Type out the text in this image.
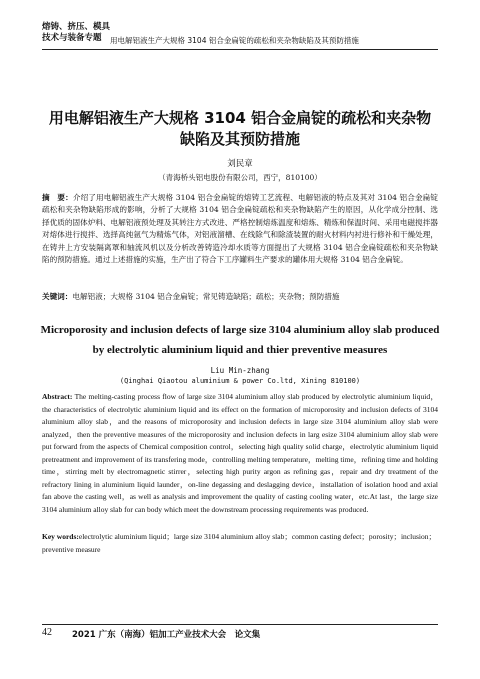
熔铸、挤压、模具
技术与装备专题	用电解铝液生产大规格 3104 铝合金扁锭的疏松和夹杂物缺陷及其预防措施
用电解铝液生产大规格 3104 铝合金扁锭的疏松和夹杂物
缺陷及其预防措施
刘民章
（青海桥头铝电股份有限公司，西宁，810100）
摘　要：介绍了用电解铝液生产大规格 3104 铝合金扁锭的熔铸工艺流程、电解铝液的特点及其对 3104 铝合金扁锭疏松和夹杂物缺陷形成的影响，分析了大规格 3104 铝合金扁锭疏松和夹杂物缺陷产生的原因，从化学成分控制、选择优质的固体炉料、电解铝液预处理及其转注方式改进、严格控制熔炼温度和熔炼、精炼和保温时间、采用电磁搅拌器对熔体进行搅拌、选择高纯氩气为精炼气体，对铝液溜槽、在线除气和除渣装置的耐火材料内衬进行修补和干燥处理，在铸井上方安装隔离罩和轴流风机以及分析改善铸造冷却水质等方面提出了大规格 3104 铝合金扁锭疏松和夹杂物缺陷的预防措施。通过上述措施的实施，生产出了符合下工序罐料生产要求的罐体用大规格 3104 铝合金扁锭。
关键词：电解铝液；大规格 3104 铝合金扁锭；常见铸造缺陷；疏松；夹杂物；预防措施
Microporosity and inclusion defects of large size 3104 aluminium alloy slab produced
by electrolytic aluminium liquid and thier preventive measures
Liu Min-zhang
(Qinghai Qiaotou aluminium & power Co.ltd, Xining 810100)
Abstract: The melting-casting process flow of large size 3104 aluminium alloy slab produced by electrolytic aluminium liquid，the characteristics of electrolytic aluminium liquid and its effect on the formation of microporosity and inclusion defects of 3104 aluminium alloy slab，and the reasons of microporosity and inclusion defects in large size 3104 aluminium alloy slab were analyzed，then the preventive measures of the microporosity and inclusion defects in larg esize 3104 aluminium alloy slab were put forward from the aspects of Chemical composition control，selecting high quality solid charge，electrolytic aluminium liquid pretreatment and improvement of its transfering mode，controlling melting temperature，melting time，refining time and holding time，stirring melt by electromagnetic stirrer，selecting high purity argon as refining gas，repair and dry treatment of the refractory lining in aluminium liquid launder，on-line degassing and deslagging device，installation of isolation hood and axial fan above the casting well，as well as analysis and improvement the quality of casting cooling water，etc.At last，the large size 3104 aluminium alloy slab for can body which meet the downstream processing requirements was produced.
Key words:electrolytic aluminium liquid；large size 3104 aluminium alloy slab；common casting defect；porosity；inclusion；preventive measure
42 2021 广东（南海）铝加工产业技术大会　论文集
